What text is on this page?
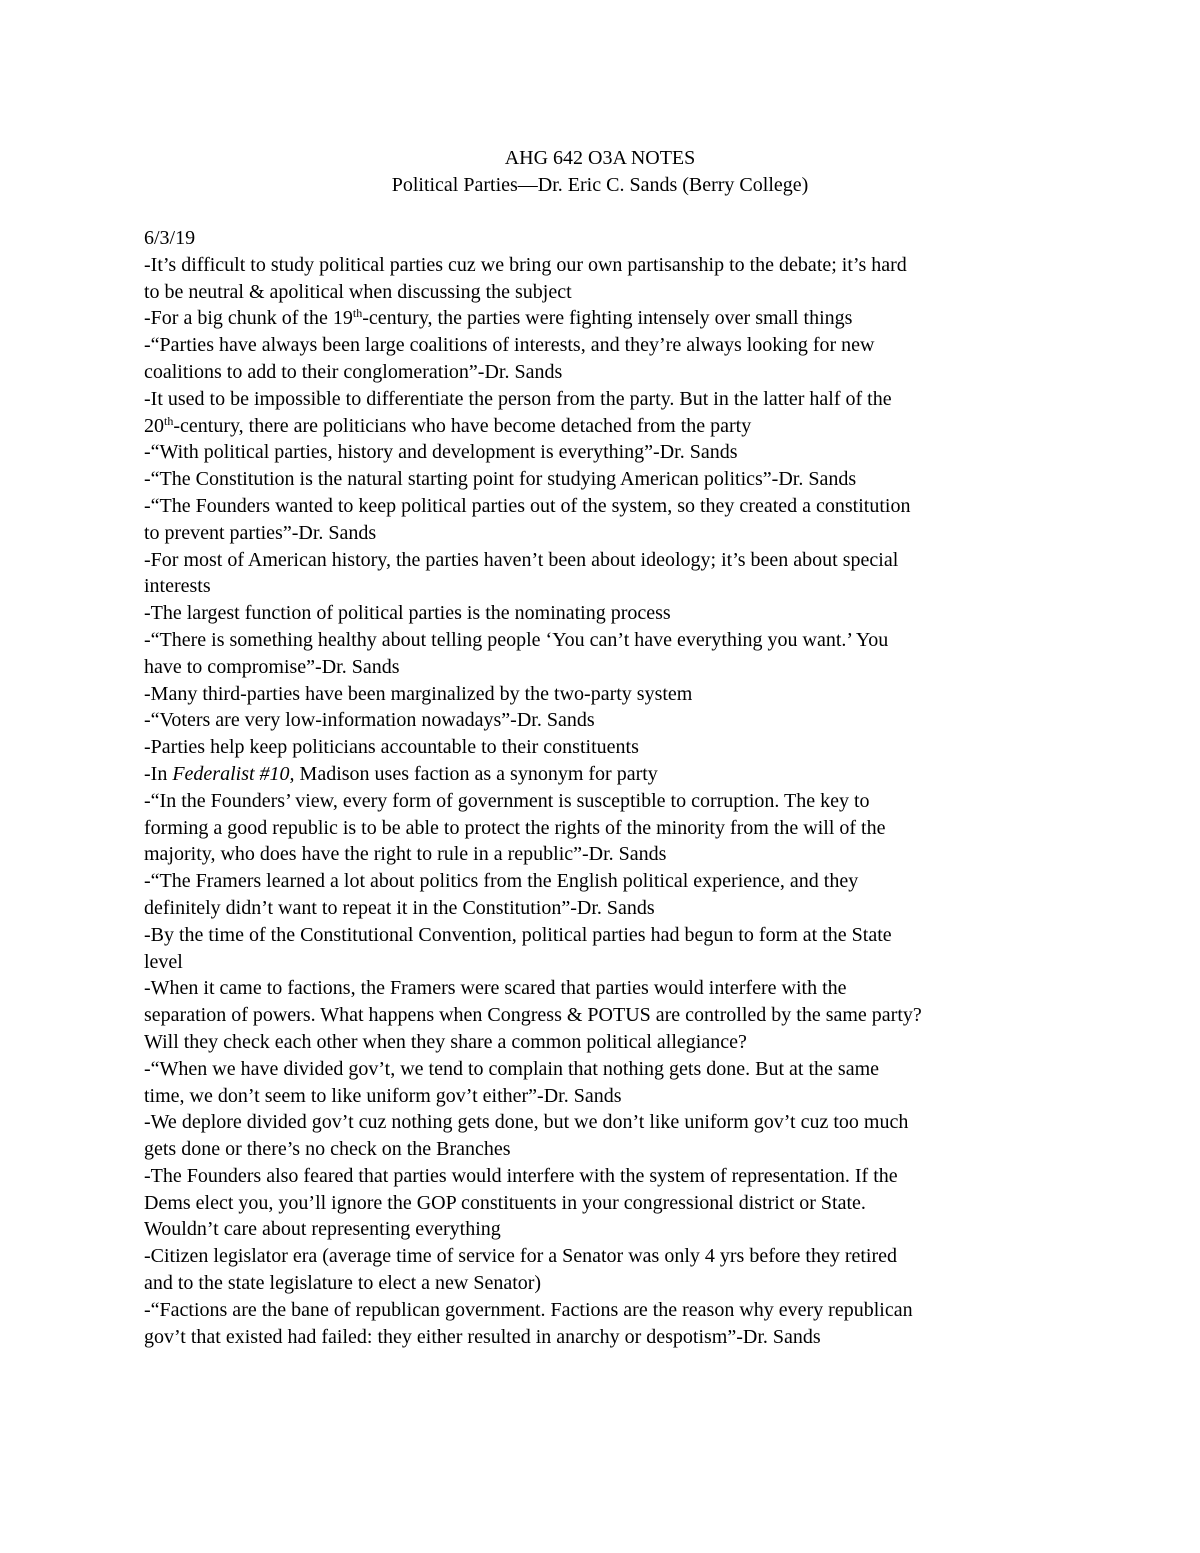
AHG 642 O3A NOTES
Political Parties—Dr. Eric C. Sands (Berry College)
6/3/19
-It’s difficult to study political parties cuz we bring our own partisanship to the debate; it’s hard
to be neutral & apolitical when discussing the subject
-For a big chunk of the 19th-century, the parties were fighting intensely over small things
-“Parties have always been large coalitions of interests, and they’re always looking for new
coalitions to add to their conglomeration”-Dr. Sands
-It used to be impossible to differentiate the person from the party. But in the latter half of the
20th-century, there are politicians who have become detached from the party
-“With political parties, history and development is everything”-Dr. Sands
-“The Constitution is the natural starting point for studying American politics”-Dr. Sands
-“The Founders wanted to keep political parties out of the system, so they created a constitution
to prevent parties”-Dr. Sands
-For most of American history, the parties haven’t been about ideology; it’s been about special
interests
-The largest function of political parties is the nominating process
-“There is something healthy about telling people ‘You can’t have everything you want.’ You
have to compromise”-Dr. Sands
-Many third-parties have been marginalized by the two-party system
-“Voters are very low-information nowadays”-Dr. Sands
-Parties help keep politicians accountable to their constituents
-In Federalist #10, Madison uses faction as a synonym for party
-“In the Founders’ view, every form of government is susceptible to corruption. The key to
forming a good republic is to be able to protect the rights of the minority from the will of the
majority, who does have the right to rule in a republic”-Dr. Sands
-“The Framers learned a lot about politics from the English political experience, and they
definitely didn’t want to repeat it in the Constitution”-Dr. Sands
-By the time of the Constitutional Convention, political parties had begun to form at the State
level
-When it came to factions, the Framers were scared that parties would interfere with the
separation of powers. What happens when Congress & POTUS are controlled by the same party?
Will they check each other when they share a common political allegiance?
-“When we have divided gov’t, we tend to complain that nothing gets done. But at the same
time, we don’t seem to like uniform gov’t either”-Dr. Sands
-We deplore divided gov’t cuz nothing gets done, but we don’t like uniform gov’t cuz too much
gets done or there’s no check on the Branches
-The Founders also feared that parties would interfere with the system of representation. If the
Dems elect you, you’ll ignore the GOP constituents in your congressional district or State.
Wouldn’t care about representing everything
-Citizen legislator era (average time of service for a Senator was only 4 yrs before they retired
and to the state legislature to elect a new Senator)
-“Factions are the bane of republican government. Factions are the reason why every republican
gov’t that existed had failed: they either resulted in anarchy or despotism”-Dr. Sands
